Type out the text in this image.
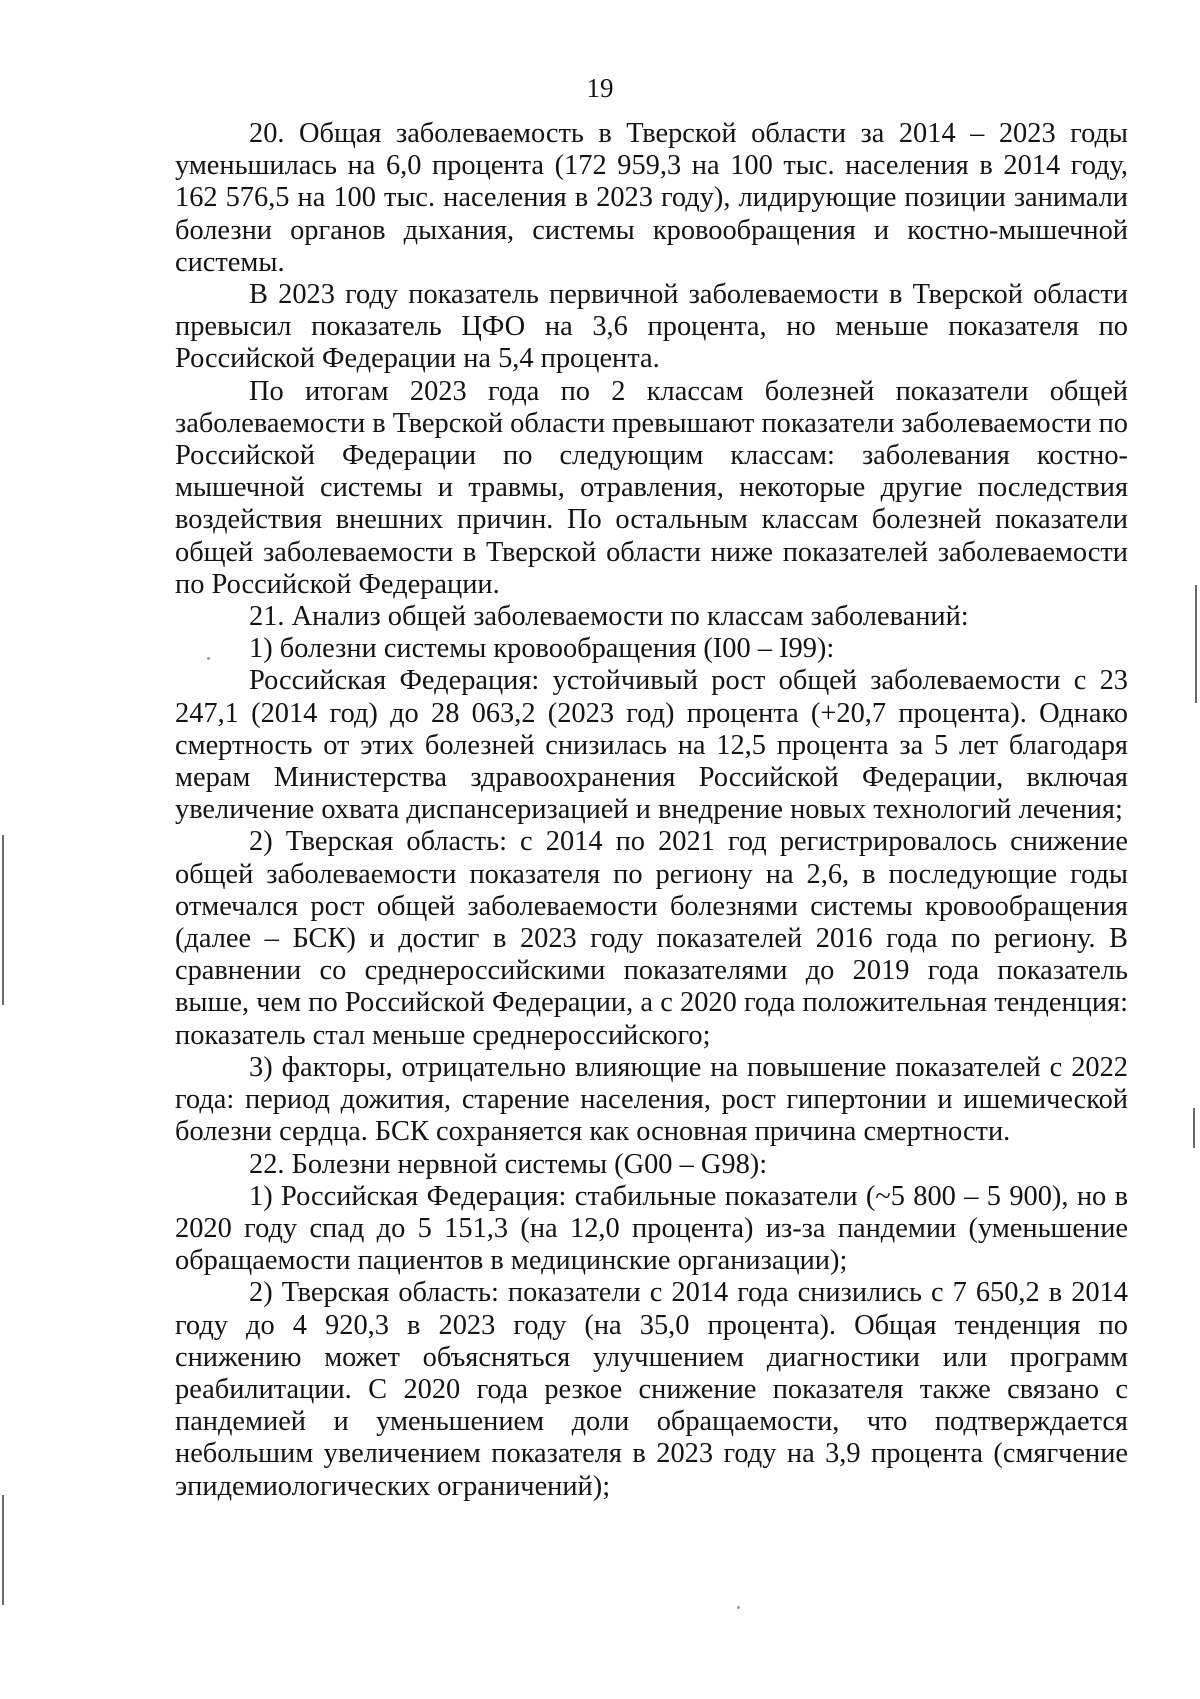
19

20. Общая заболеваемость в Тверской области за 2014 – 2023 годы уменьшилась на 6,0 процента (172 959,3 на 100 тыс. населения в 2014 году, 162 576,5 на 100 тыс. населения в 2023 году), лидирующие позиции занимали болезни органов дыхания, системы кровообращения и костно-мышечной системы.

В 2023 году показатель первичной заболеваемости в Тверской области превысил показатель ЦФО на 3,6 процента, но меньше показателя по Российской Федерации на 5,4 процента.

По итогам 2023 года по 2 классам болезней показатели общей заболеваемости в Тверской области превышают показатели заболеваемости по Российской Федерации по следующим классам: заболевания костно-мышечной системы и травмы, отравления, некоторые другие последствия воздействия внешних причин. По остальным классам болезней показатели общей заболеваемости в Тверской области ниже показателей заболеваемости по Российской Федерации.

21. Анализ общей заболеваемости по классам заболеваний:

1) болезни системы кровообращения (I00 – I99):

Российская Федерация: устойчивый рост общей заболеваемости с 23 247,1 (2014 год) до 28 063,2 (2023 год) процента (+20,7 процента). Однако смертность от этих болезней снизилась на 12,5 процента за 5 лет благодаря мерам Министерства здравоохранения Российской Федерации, включая увеличение охвата диспансеризацией и внедрение новых технологий лечения;

2) Тверская область: с 2014 по 2021 год регистрировалось снижение общей заболеваемости показателя по региону на 2,6, в последующие годы отмечался рост общей заболеваемости болезнями системы кровообращения (далее – БСК) и достиг в 2023 году показателей 2016 года по региону. В сравнении со среднероссийскими показателями до 2019 года показатель выше, чем по Российской Федерации, а с 2020 года положительная тенденция: показатель стал меньше среднероссийского;

3) факторы, отрицательно влияющие на повышение показателей с 2022 года: период дожития, старение населения, рост гипертонии и ишемической болезни сердца. БСК сохраняется как основная причина смертности.

22. Болезни нервной системы (G00 – G98):

1) Российская Федерация: стабильные показатели (~5 800 – 5 900), но в 2020 году спад до 5 151,3 (на 12,0 процента) из-за пандемии (уменьшение обращаемости пациентов в медицинские организации);

2) Тверская область: показатели с 2014 года снизились с 7 650,2 в 2014 году до 4 920,3 в 2023 году (на 35,0 процента). Общая тенденция по снижению может объясняться улучшением диагностики или программ реабилитации. С 2020 года резкое снижение показателя также связано с пандемией и уменьшением доли обращаемости, что подтверждается небольшим увеличением показателя в 2023 году на 3,9 процента (смягчение эпидемиологических ограничений);
